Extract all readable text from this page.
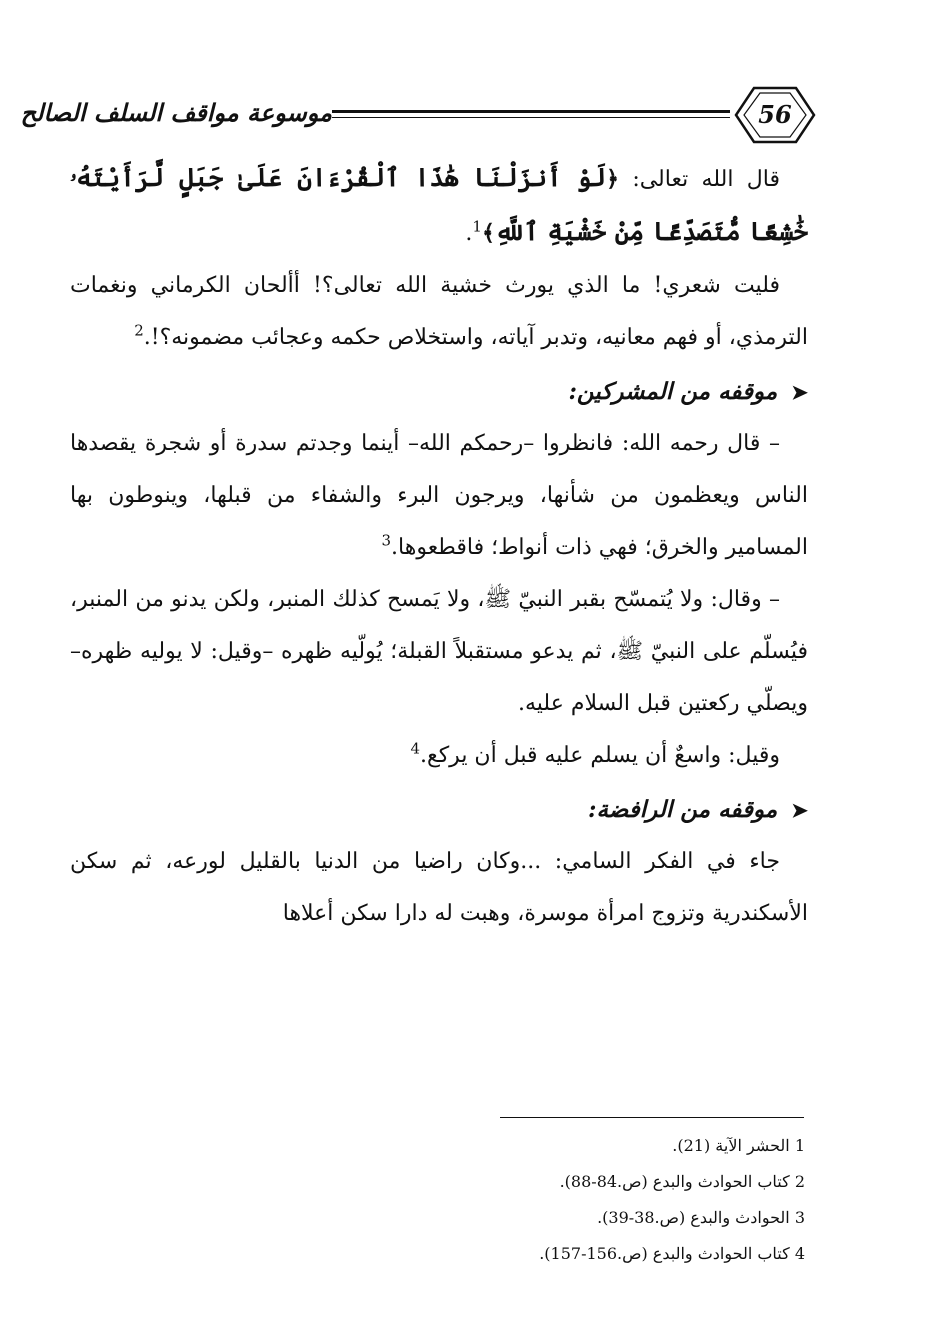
موسوعة مواقف السلف الصالح	56

قال الله تعالى: ﴿لَوْ أَنزَلْنَا هَٰذَا ٱلْقُرْءَانَ عَلَىٰ جَبَلٍ لَّرَأَيْتَهُۥ خَٰشِعًا مُّتَصَدِّعًا مِّنْ خَشْيَةِ ٱللَّهِ﴾$^1$.

فليت شعري! ما الذي يورث خشية الله تعالى؟! أألحان الكرماني ونغمات الترمذي، أو فهم معانيه، وتدبر آياته، واستخلاص حكمه وعجائب مضمونه؟!.$^2$

➤موقفه من المشركين:

– قال رحمه الله: فانظروا –رحمكم الله– أينما وجدتم سدرة أو شجرة يقصدها الناس ويعظمون من شأنها، ويرجون البرء والشفاء من قبلها، وينوطون بها المسامير والخرق؛ فهي ذات أنواط؛ فاقطعوها.$^3$

– وقال: ولا يُتمسّح بقبر النبيّ ﷺ، ولا يَمسح كذلك المنبر، ولكن يدنو من المنبر، فيُسلّم على النبيّ ﷺ، ثم يدعو مستقبلاً القبلة؛ يُولّيه ظهره –وقيل: لا يوليه ظهره– ويصلّي ركعتين قبل السلام عليه.

وقيل: واسعٌ أن يسلم عليه قبل أن يركع.$^4$

➤موقفه من الرافضة:

جاء في الفكر السامي: ...وكان راضيا من الدنيا بالقليل لورعه، ثم سكن الأسكندرية وتزوج امرأة موسرة، وهبت له دارا سكن أعلاها

1 الحشر الآية (21).

2 كتاب الحوادث والبدع (ص.84-88).

3 الحوادث والبدع (ص.38-39).

4 كتاب الحوادث والبدع (ص.156-157).
